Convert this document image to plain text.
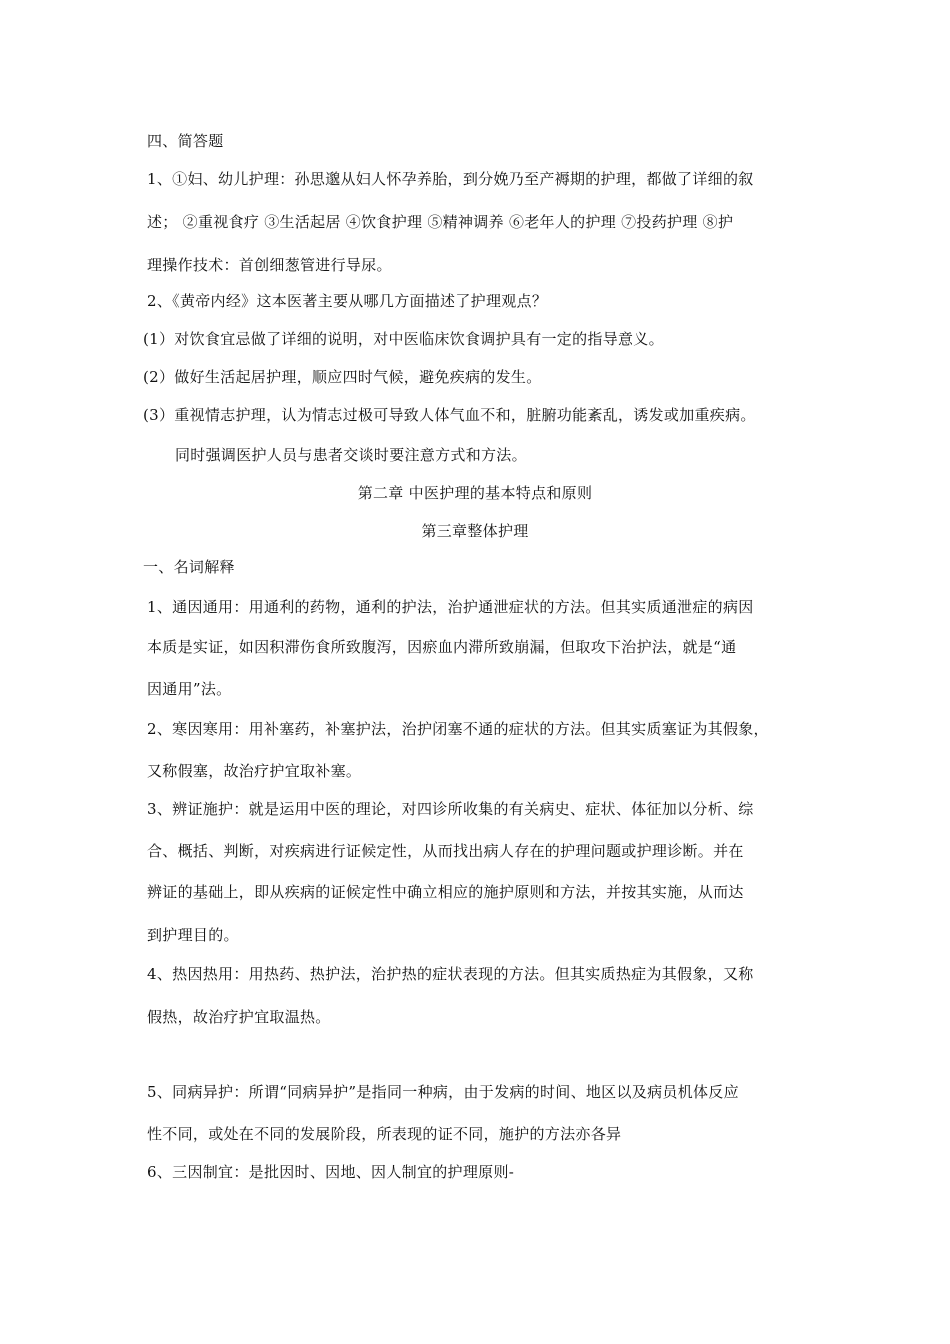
四、简答题
1、①妇、幼儿护理：孙思邈从妇人怀孕养胎，到分娩乃至产褥期的护理，都做了详细的叙
述； ②重视食疗 ③生活起居 ④饮食护理 ⑤精神调养 ⑥老年人的护理 ⑦投药护理 ⑧护
理操作技术：首创细葱管进行导尿。
2、《黄帝内经》这本医著主要从哪几方面描述了护理观点？
(1）对饮食宜忌做了详细的说明，对中医临床饮食调护具有一定的指导意义。
(2）做好生活起居护理，顺应四时气候，避免疾病的发生。
(3）重视情志护理，认为情志过极可导致人体气血不和，脏腑功能紊乱，诱发或加重疾病。
同时强调医护人员与患者交谈时要注意方式和方法。
第二章 中医护理的基本特点和原则
第三章整体护理
一、名词解释
1、通因通用：用通利的药物，通利的护法，治护通泄症状的方法。但其实质通泄症的病因
本质是实证，如因积滞伤食所致腹泻，因瘀血内滞所致崩漏，但取攻下治护法，就是“通
因通用”法。
2、寒因寒用：用补塞药，补塞护法，治护闭塞不通的症状的方法。但其实质塞证为其假象，
又称假塞，故治疗护宜取补塞。
3、辨证施护：就是运用中医的理论，对四诊所收集的有关病史、症状、体征加以分析、综
合、概括、判断，对疾病进行证候定性，从而找出病人存在的护理问题或护理诊断。并在
辨证的基础上，即从疾病的证候定性中确立相应的施护原则和方法，并按其实施，从而达
到护理目的。
4、热因热用：用热药、热护法，治护热的症状表现的方法。但其实质热症为其假象，又称
假热，故治疗护宜取温热。
5、同病异护：所谓“同病异护”是指同一种病，由于发病的时间、地区以及病员机体反应
性不同，或处在不同的发展阶段，所表现的证不同，施护的方法亦各异
6、三因制宜：是批因时、因地、因人制宜的护理原则-
